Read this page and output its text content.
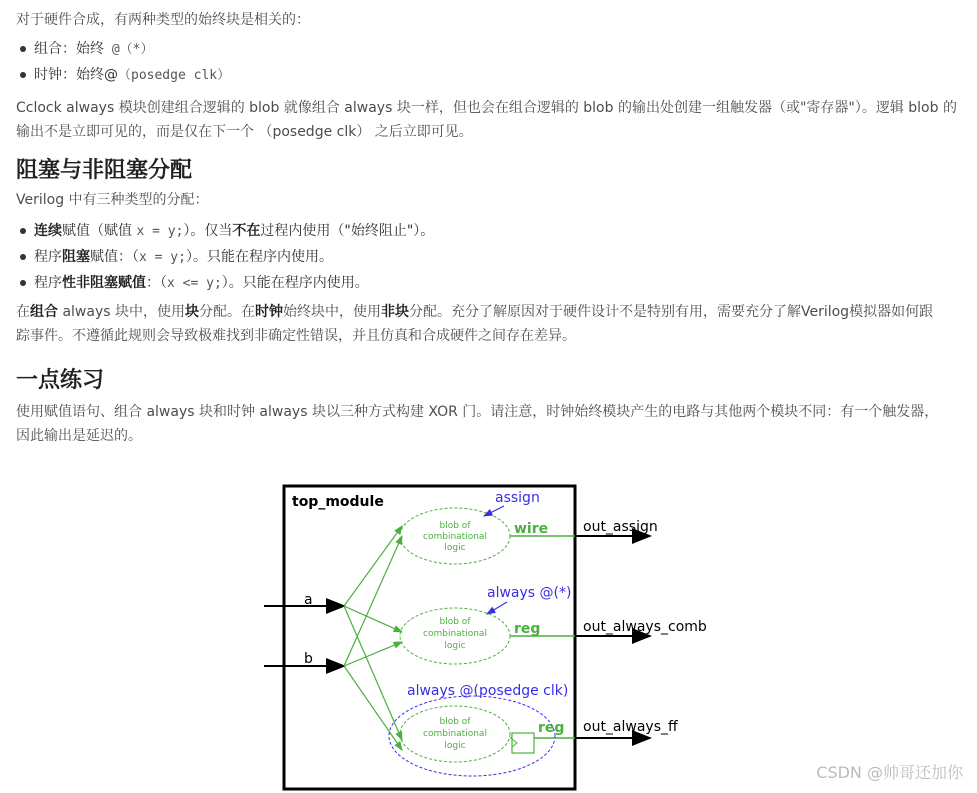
对于硬件合成，有两种类型的始终块是相关的：

组合：始终 @（*）
时钟：始终@（posedge clk）

Cclock always 模块创建组合逻辑的 blob 就像组合 always 块一样，但也会在组合逻辑的 blob 的输出处创建一组触发器（或"寄存器"）。逻辑 blob 的

输出不是立即可见的，而是仅在下一个 （posedge clk） 之后立即可见。

阻塞与非阻塞分配

Verilog 中有三种类型的分配：

连续赋值（赋值 x = y;）。仅当不在过程内使用（"始终阻止"）。
程序阻塞赋值：（x = y;）。只能在程序内使用。
程序性非阻塞赋值：（x <= y;）。只能在程序内使用。

在组合 always 块中，使用块分配。在时钟始终块中，使用非块分配。充分了解原因对于硬件设计不是特别有用，需要充分了解Verilog模拟器如何跟

踪事件。不遵循此规则会导致极难找到非确定性错误，并且仿真和合成硬件之间存在差异。

一点练习

使用赋值语句、组合 always 块和时钟 always 块以三种方式构建 XOR 门。请注意，时钟始终模块产生的电路与其他两个模块不同：有一个触发器，

因此输出是延迟的。

top_module
a
b
blob of
combinational
logic
blob of
combinational
logic
blob of
combinational
logic
wire
reg
reg
assign
always @(*)
always @(posedge clk)
out_assign
out_always_comb
out_always_ff
CSDN @帅哥还加你
